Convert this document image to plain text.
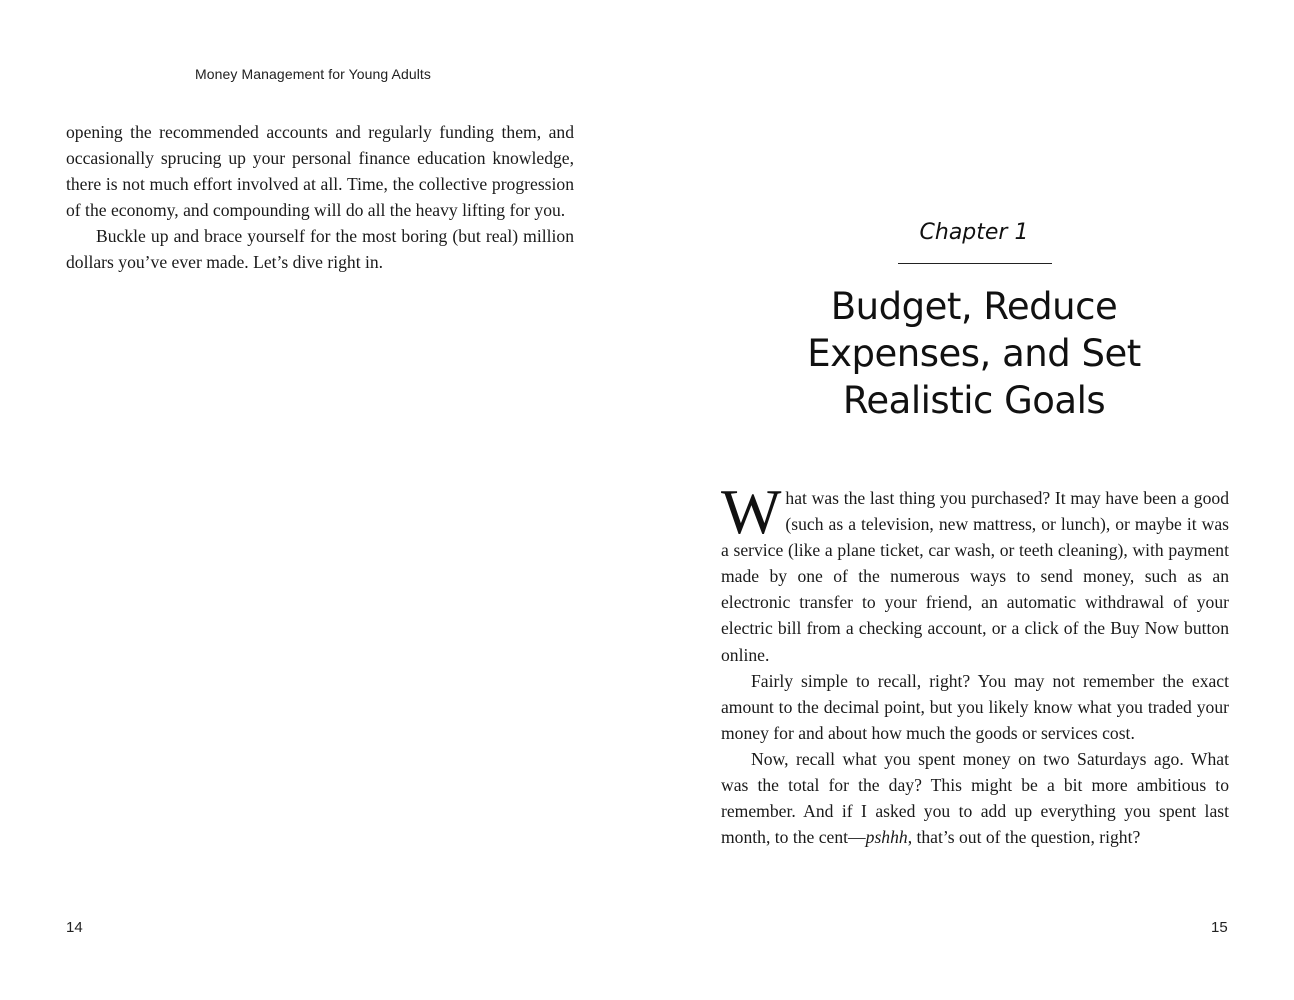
Money Management for Young Adults

opening the recommended accounts and regularly funding them, and occasionally sprucing up your personal finance education knowledge, there is not much effort involved at all. Time, the collective progression of the economy, and compounding will do all the heavy lifting for you.

Buckle up and brace yourself for the most boring (but real) million dollars you’ve ever made. Let’s dive right in.

14
Chapter 1
Budget, Reduce
Expenses, and Set
Realistic Goals

What was the last thing you purchased? It may have been a good (such as a television, new mattress, or lunch), or maybe it was a service (like a plane ticket, car wash, or teeth cleaning), with payment made by one of the numerous ways to send money, such as an electronic transfer to your friend, an automatic withdrawal of your electric bill from a checking account, or a click of the Buy Now button online.

Fairly simple to recall, right? You may not remember the exact amount to the decimal point, but you likely know what you traded your money for and about how much the goods or services cost.

Now, recall what you spent money on two Saturdays ago. What was the total for the day? This might be a bit more ambitious to remember. And if I asked you to add up everything you spent last month, to the cent—pshhh, that’s out of the question, right?

15
